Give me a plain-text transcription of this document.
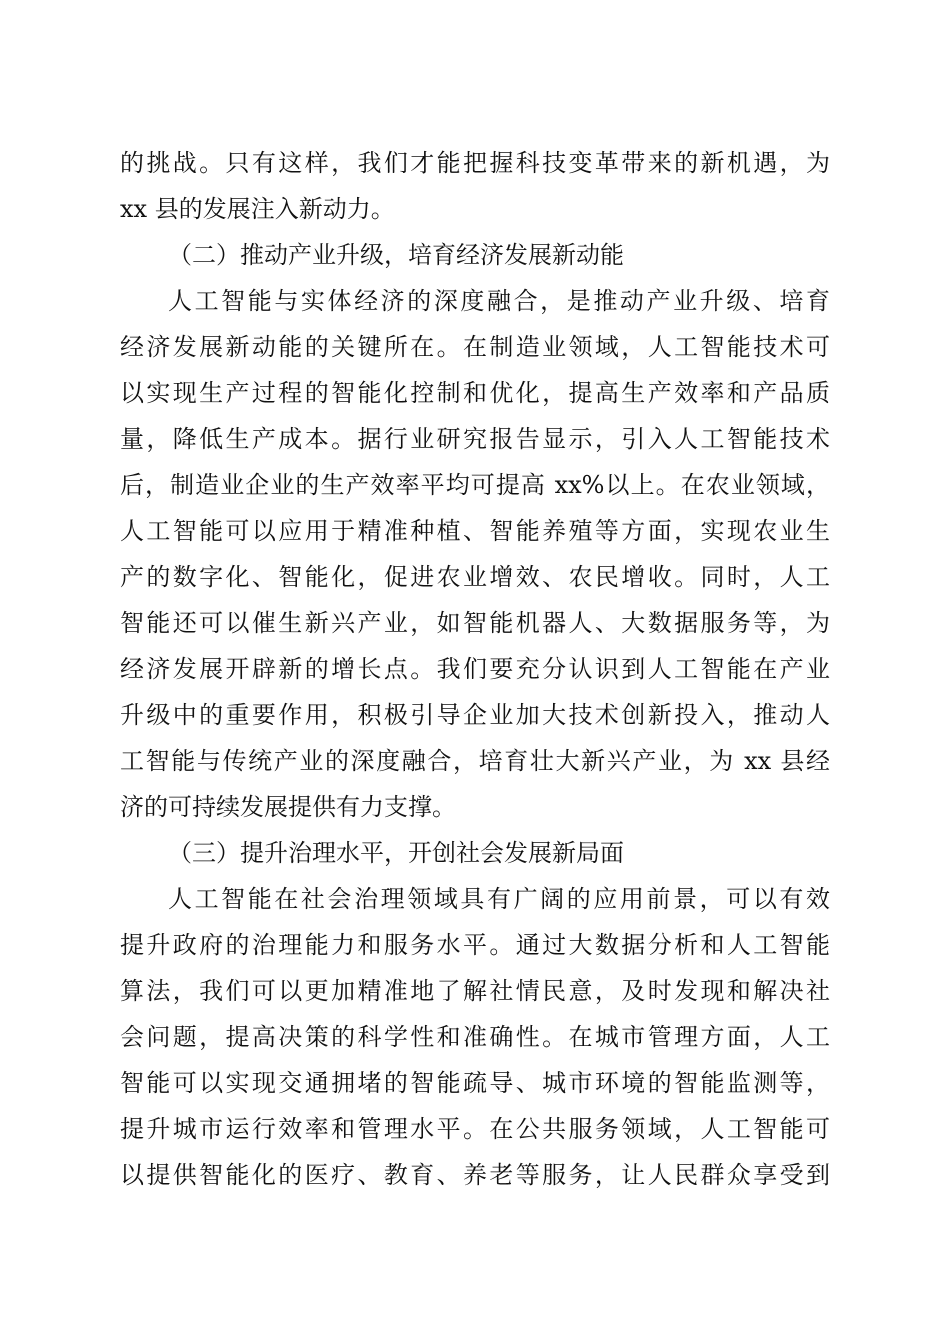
的挑战。只有这样，我们才能把握科技变革带来的新机遇，为
xx 县的发展注入新动力。
（二）推动产业升级，培育经济发展新动能
人工智能与实体经济的深度融合，是推动产业升级、培育
经济发展新动能的关键所在。在制造业领域，人工智能技术可
以实现生产过程的智能化控制和优化，提高生产效率和产品质
量，降低生产成本。据行业研究报告显示，引入人工智能技术
后，制造业企业的生产效率平均可提高 xx%以上。在农业领域，
人工智能可以应用于精准种植、智能养殖等方面，实现农业生
产的数字化、智能化，促进农业增效、农民增收。同时，人工
智能还可以催生新兴产业，如智能机器人、大数据服务等，为
经济发展开辟新的增长点。我们要充分认识到人工智能在产业
升级中的重要作用，积极引导企业加大技术创新投入，推动人
工智能与传统产业的深度融合，培育壮大新兴产业，为 xx 县经
济的可持续发展提供有力支撑。
（三）提升治理水平，开创社会发展新局面
人工智能在社会治理领域具有广阔的应用前景，可以有效
提升政府的治理能力和服务水平。通过大数据分析和人工智能
算法，我们可以更加精准地了解社情民意，及时发现和解决社
会问题，提高决策的科学性和准确性。在城市管理方面，人工
智能可以实现交通拥堵的智能疏导、城市环境的智能监测等，
提升城市运行效率和管理水平。在公共服务领域，人工智能可
以提供智能化的医疗、教育、养老等服务，让人民群众享受到
